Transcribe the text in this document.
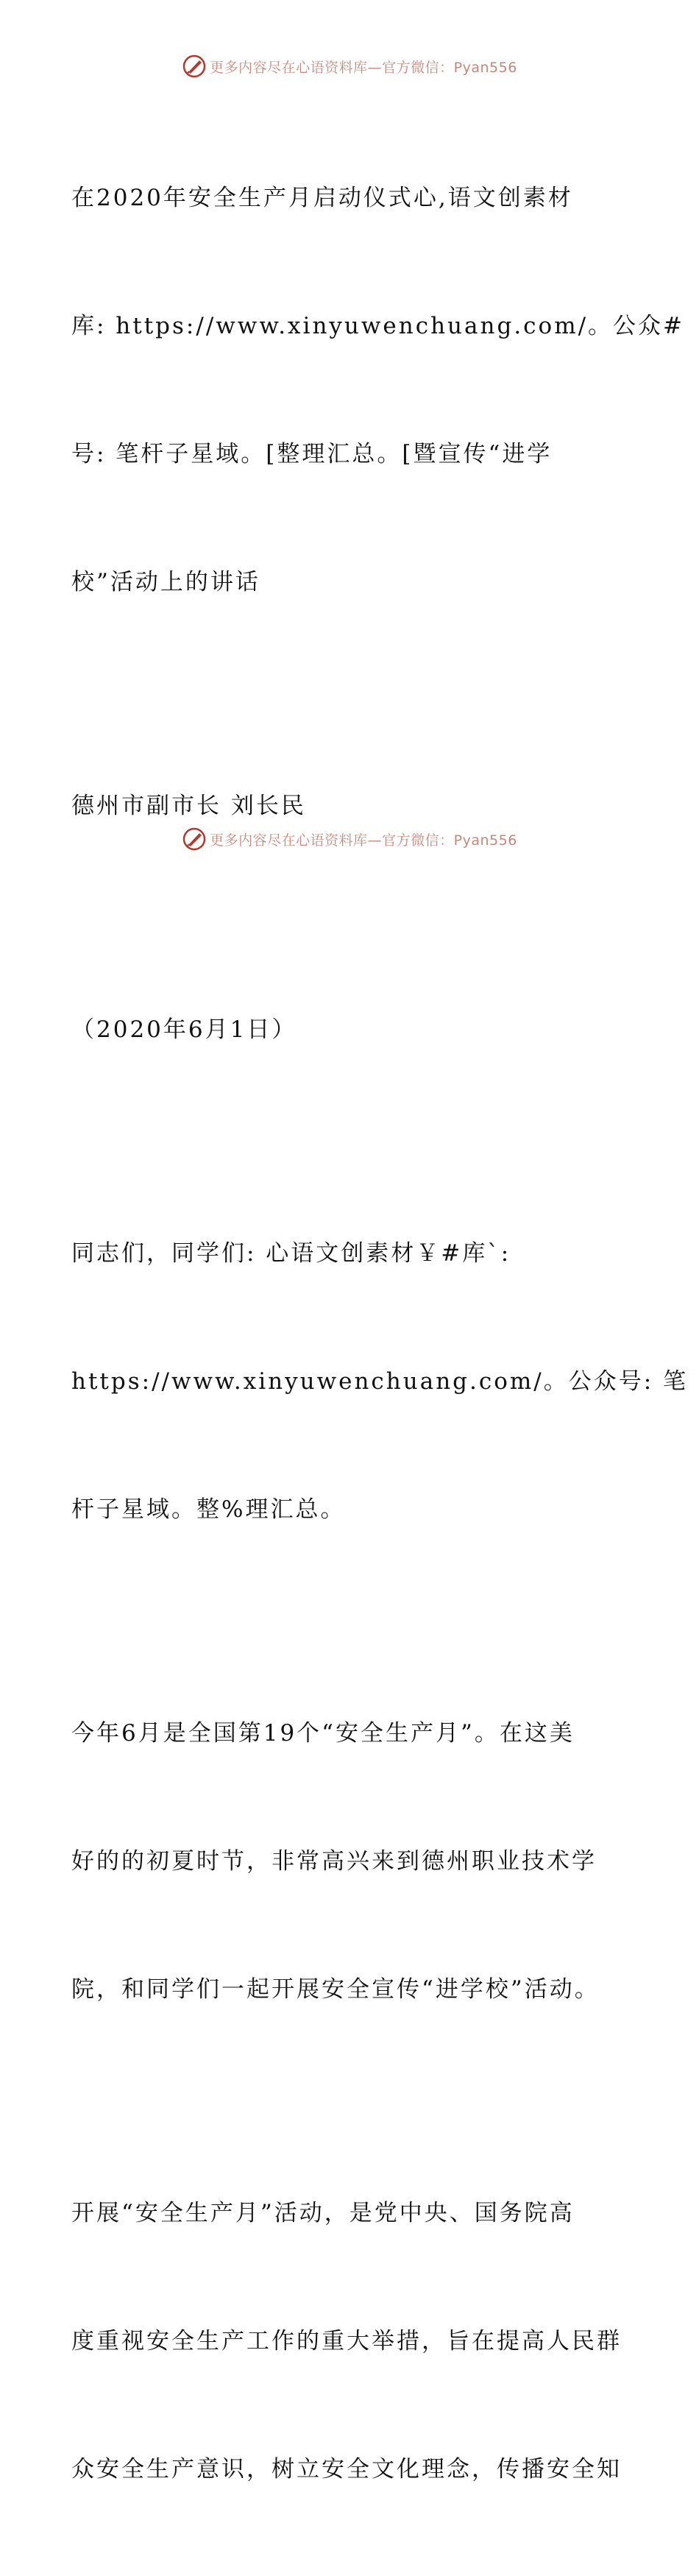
更多内容尽在心语资料库—官方微信：Pyan556

在2020年安全生产月启动仪式心,语文创素材

库: https://www.xinyuwenchuang.com/。公众#

号: 笔杆子星域。[整理汇总。[暨宣传“进学

校”活动上的讲话

德州市副市长 刘长民

（2020年6月1日）

同志们，同学们: 心语文创素材￥#库`:

https://www.xinyuwenchuang.com/。公众号: 笔

杆子星域。整%理汇总。

今年6月是全国第19个“安全生产月”。在这美

好的的初夏时节，非常高兴来到德州职业技术学

院，和同学们一起开展安全宣传“进学校”活动。

开展“安全生产月”活动，是党中央、国务院高

度重视安全生产工作的重大举措，旨在提高人民群

众安全生产意识，树立安全文化理念，传播安全知

更多内容尽在心语资料库—官方微信：Pyan556
